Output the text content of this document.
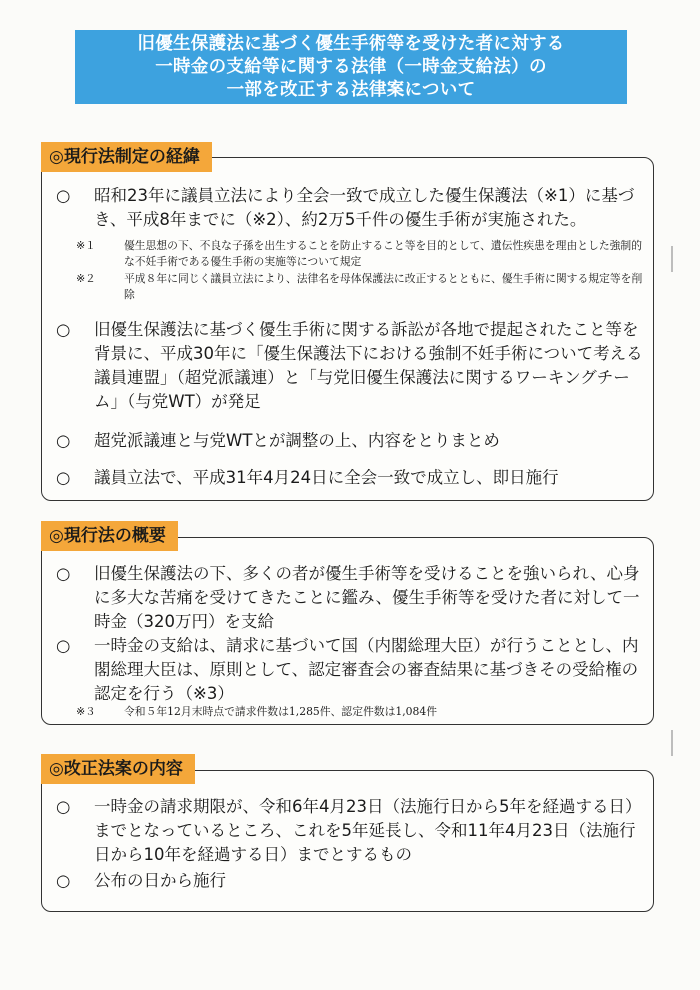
旧優生保護法に基づく優生手術等を受けた者に対する
一時金の支給等に関する法律（一時金支給法）の
一部を改正する法律案について
◎現行法制定の経緯
○ 昭和23年に議員立法により全会一致で成立した優生保護法（※1）に基づき、平成8年までに（※2）、約2万5千件の優生手術が実施された。
※１	優生思想の下、不良な子孫を出生することを防止すること等を目的として、遺伝性疾患を理由とした強制的な不妊手術である優生手術の実施等について規定
※２	平成８年に同じく議員立法により、法律名を母体保護法に改正するとともに、優生手術に関する規定等を削除
○ 旧優生保護法に基づく優生手術に関する訴訟が各地で提起されたこと等を背景に、平成30年に「優生保護法下における強制不妊手術について考える議員連盟」（超党派議連）と「与党旧優生保護法に関するワーキングチーム」（与党WT）が発足
○ 超党派議連と与党WTとが調整の上、内容をとりまとめ
○ 議員立法で、平成31年4月24日に全会一致で成立し、即日施行
◎現行法の概要
○ 旧優生保護法の下、多くの者が優生手術等を受けることを強いられ、心身に多大な苦痛を受けてきたことに鑑み、優生手術等を受けた者に対して一時金（320万円）を支給
○ 一時金の支給は、請求に基づいて国（内閣総理大臣）が行うこととし、内閣総理大臣は、原則として、認定審査会の審査結果に基づきその受給権の認定を行う（※3）
※３	令和５年12月末時点で請求件数は1,285件、認定件数は1,084件
◎改正法案の内容
○ 一時金の請求期限が、令和6年4月23日（法施行日から5年を経過する日）までとなっているところ、これを5年延長し、令和11年4月23日（法施行日から10年を経過する日）までとするもの
○ 公布の日から施行
